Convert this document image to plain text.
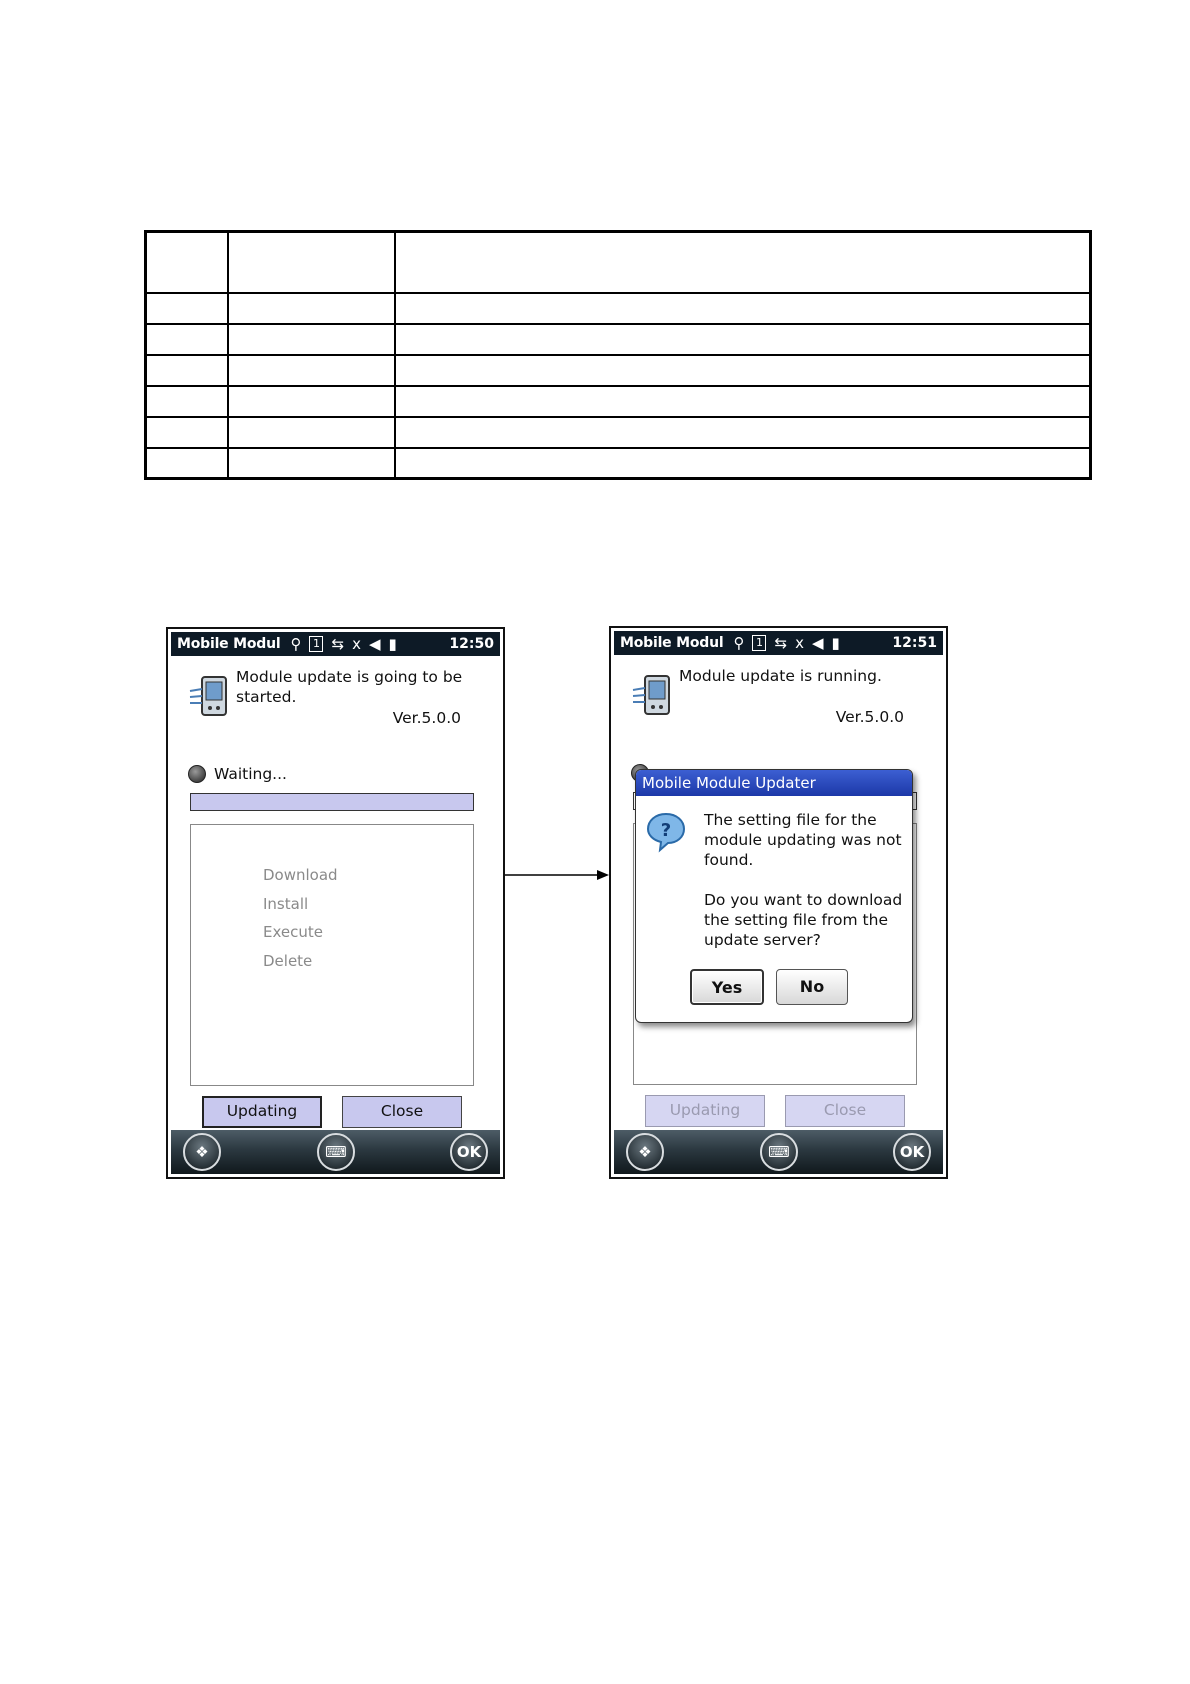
Mobile Modul ⚲	1 ⇆ x ◀ ▮	12:50
Module update is going to be started.
Ver.5.0.0
Waiting...
Download
Install
Execute
Delete
Updating	Close
❖	⌨	OK
Mobile Modul ⚲	1 ⇆ x ◀ ▮	12:51
Module update is running.
Ver.5.0.0
Updating	Close
❖	⌨	OK
Mobile Module Updater
? The setting file for the module updating was not found.

Do you want to download the setting file from the update server?

Yes	No
